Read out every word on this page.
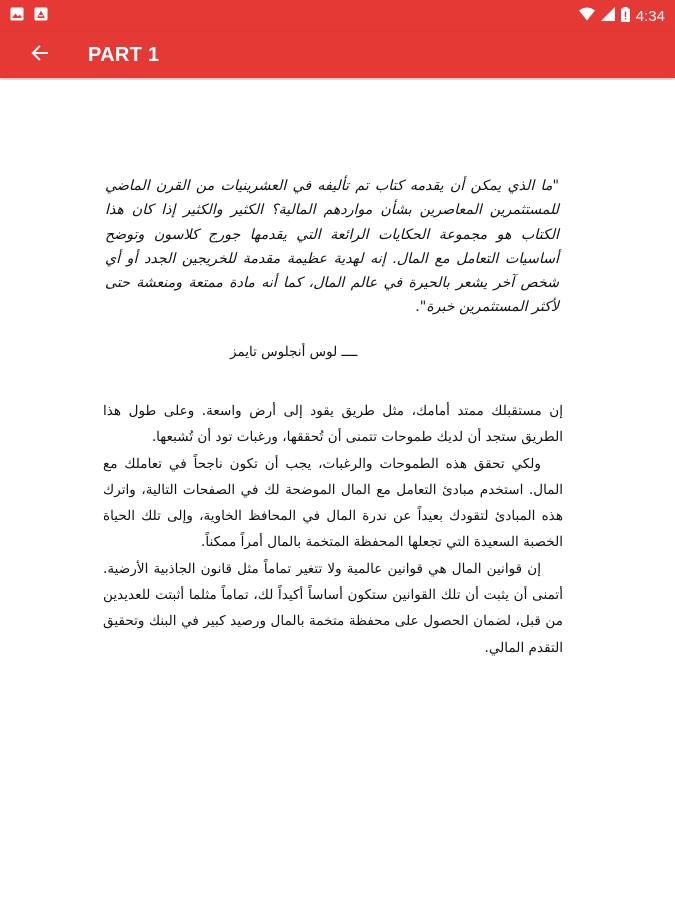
4:34
PART 1
"ما الذي يمكن أن يقدمه كتاب تم تأليفه في العشرينيات من القرن الماضي للمستثمرين المعاصرين بشأن مواردهم المالية؟ الكثير والكثير إذا كان هذا الكتاب هو مجموعة الحكايات الرائعة التي يقدمها جورج كلاسون وتوضح أساسيات التعامل مع المال. إنه لهدية عظيمة مقدمة للخريجين الجدد أو أي شخص آخر يشعر بالحيرة في عالم المال، كما أنه مادة ممتعة ومنعشة حتى لأكثر المستثمرين خبرة".
ــــ لوس أنجلوس تايمز

إن مستقبلك ممتد أمامك، مثل طريق يقود إلى أرض واسعة. وعلى طول هذا الطريق ستجد أن لديك طموحات تتمنى أن تُحققها، ورغبات تود أن تُشبعها.

ولكي تحقق هذه الطموحات والرغبات، يجب أن تكون ناجحاً في تعاملك مع المال. استخدم مبادئ التعامل مع المال الموضحة لك في الصفحات التالية، واترك هذه المبادئ لتقودك بعيداً عن ندرة المال في المحافظ الخاوية، وإلى تلك الحياة الخصبة السعيدة التي تجعلها المحفظة المتخمة بالمال أمراً ممكناً.

إن قوانين المال هي قوانين عالمية ولا تتغير تماماً مثل قانون الجاذبية الأرضية. أتمنى أن يثبت أن تلك القوانين ستكون أساساً أكيداً لك، تماماً مثلما أثبتت للعديدين من قبل، لضمان الحصول على محفظة متخمة بالمال ورصيد كبير في البنك وتحقيق التقدم المالي.
